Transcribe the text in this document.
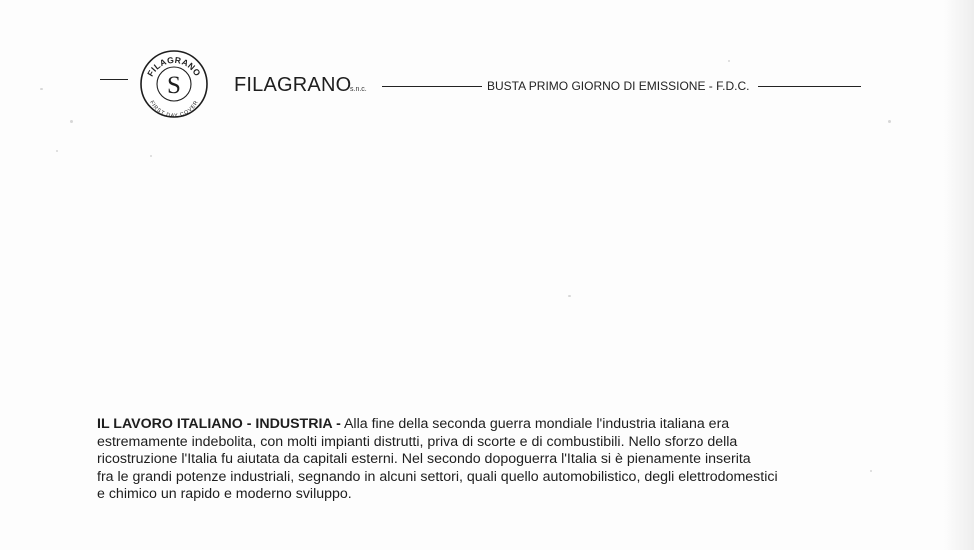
FILAGRANO
FIRST DAY COVER
S	FILAGRANO
s.n.c.	BUSTA PRIMO GIORNO DI EMISSIONE - F.D.C.
IL LAVORO ITALIANO - INDUSTRIA - Alla fine della seconda guerra mondiale l'industria italiana era
estremamente indebolita, con molti impianti distrutti, priva di scorte e di combustibili. Nello sforzo della
ricostruzione l'Italia fu aiutata da capitali esterni. Nel secondo dopoguerra l'Italia si è pienamente inserita
fra le grandi potenze industriali, segnando in alcuni settori, quali quello automobilistico, degli elettrodomestici
e chimico un rapido e moderno sviluppo.
